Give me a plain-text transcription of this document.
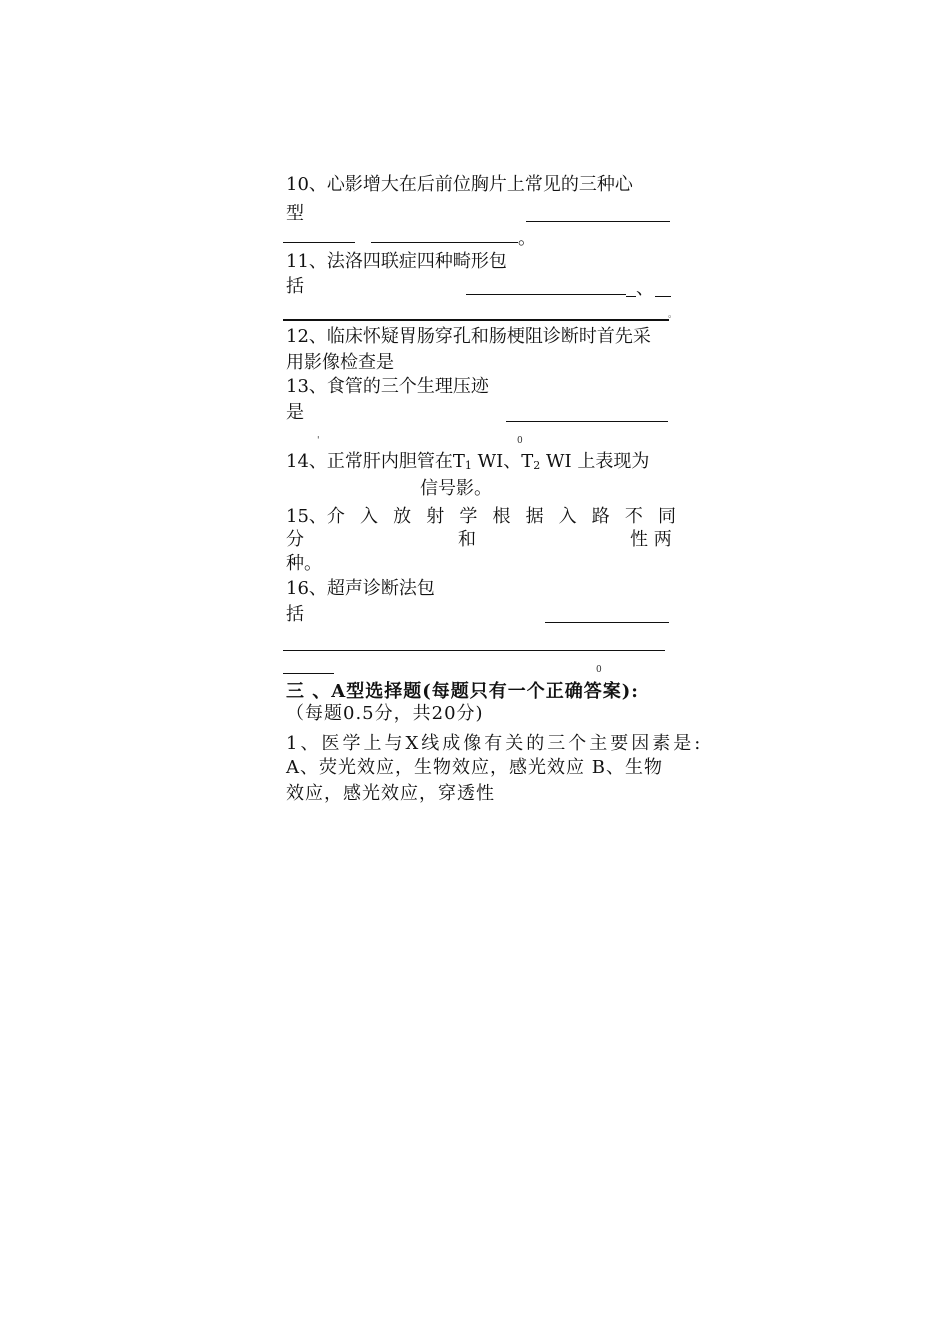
10、心影增大在后前位胸片上常见的三种心
型
。
11、法洛四联症四种畸形包
括	、
。
12、临床怀疑胃肠穿孔和肠梗阻诊断时首先采
用影像检查是
13、食管的三个生理压迹
是
'	0
14、正常肝内胆管在$T_1$ WI、$T_2$ WI 上表现为
信号影。
15、介 入 放 射 学 根 据 入 路 不 同
分	和	性 两
种。
16、超声诊断法包
括
0
三 、A型选择题(每题只有一个正确答案):
（每题0.5分，共20分)
1、医学上与X线成像有关的三个主要因素是:
A、荧光效应，生物效应，感光效应 B、生物
效应，感光效应，穿透性
